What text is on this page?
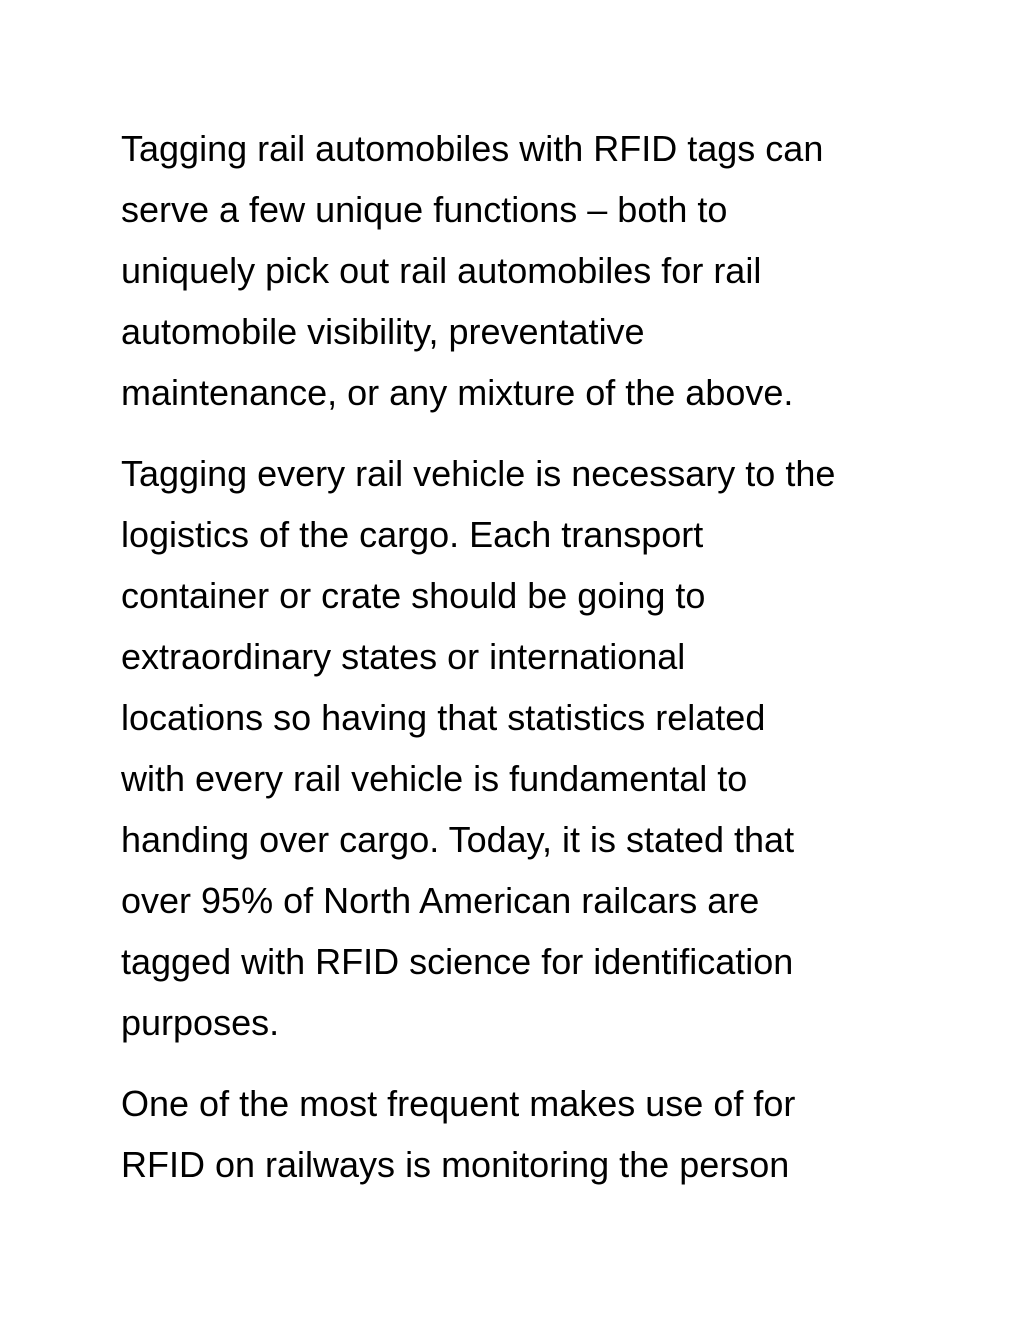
Tagging rail automobiles with RFID tags can
serve a few unique functions – both to
uniquely pick out rail automobiles for rail
automobile visibility, preventative
maintenance, or any mixture of the above.

Tagging every rail vehicle is necessary to the
logistics of the cargo. Each transport
container or crate should be going to
extraordinary states or international
locations so having that statistics related
with every rail vehicle is fundamental to
handing over cargo. Today, it is stated that
over 95% of North American railcars are
tagged with RFID science for identification
purposes.

One of the most frequent makes use of for
RFID on railways is monitoring the person
